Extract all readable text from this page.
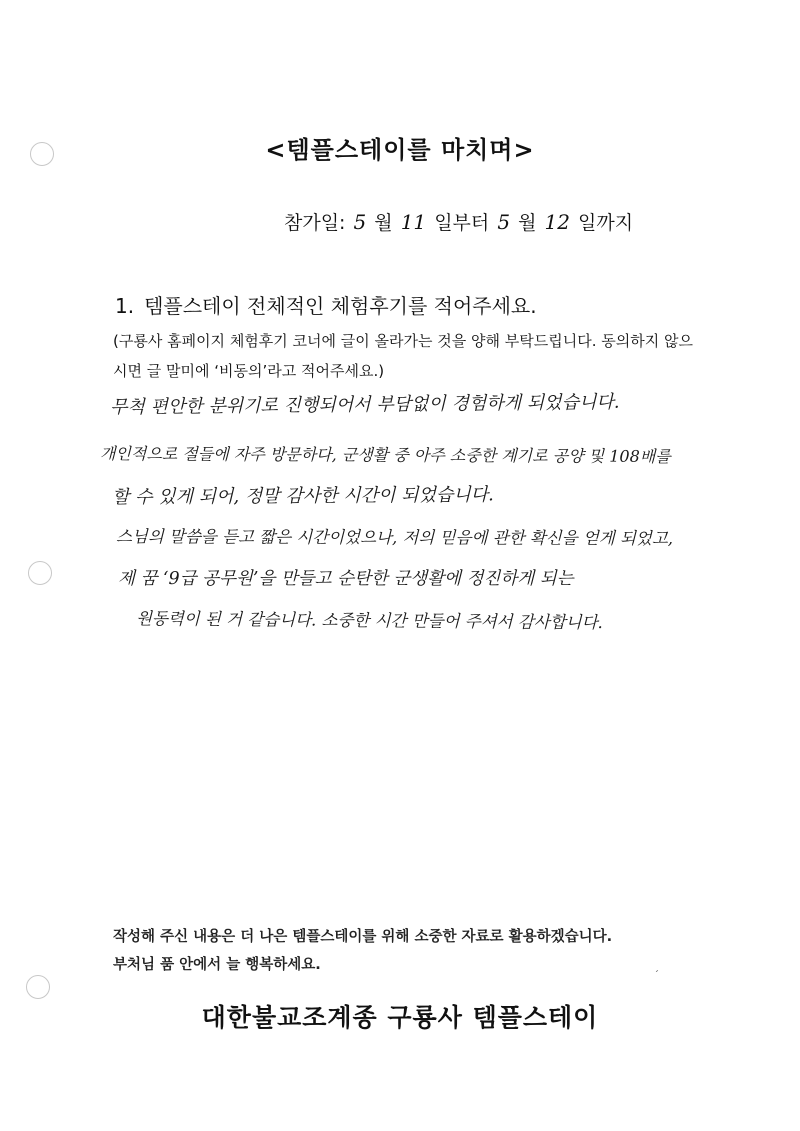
<템플스테이를 마치며>
참가일: 5 월 11 일부터 5 월 12 일까지
1. 템플스테이 전체적인 체험후기를 적어주세요.
(구룡사 홈페이지 체험후기 코너에 글이 올라가는 것을 양해 부탁드립니다. 동의하지 않으시면 글 말미에 ‘비동의’라고 적어주세요.)
무척 편안한 분위기로 진행되어서 부담없이 경험하게 되었습니다.
개인적으로 절들에 자주 방문하다, 군생활 중 아주 소중한 계기로 공양 및 108배를
할 수 있게 되어, 정말 감사한 시간이 되었습니다.
스님의 말씀을 듣고 짧은 시간이었으나, 저의 믿음에 관한 확신을 얻게 되었고,
제 꿈 ‘9급 공무원’을 만들고 순탄한 군생활에 정진하게 되는
원동력이 된 거 같습니다. 소중한 시간 만들어 주셔서 감사합니다.
작성해 주신 내용은 더 나은 템플스테이를 위해 소중한 자료로 활용하겠습니다.
부처님 품 안에서 늘 행복하세요.
ˊ
대한불교조계종 구룡사 템플스테이
